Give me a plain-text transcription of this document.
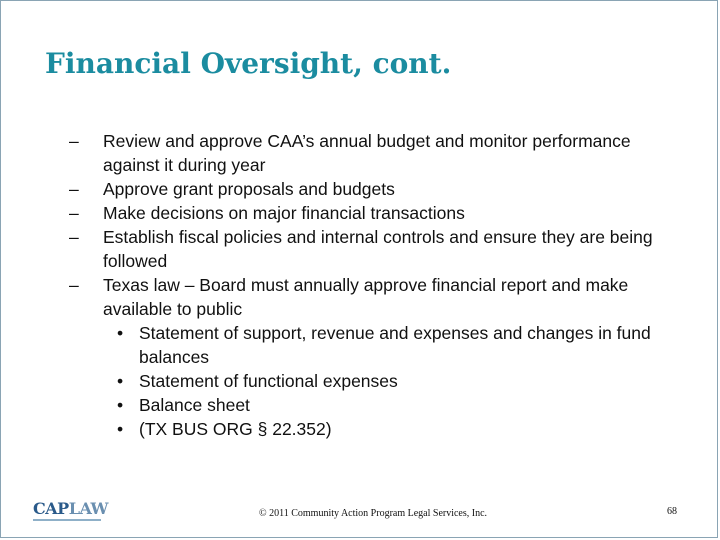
Financial Oversight, cont.

–	Review and approve CAA’s annual budget and monitor performance against it during year

–	Approve grant proposals and budgets

–	Make decisions on major financial transactions

–	Establish fiscal policies and internal controls and ensure they are being followed

–	Texas law – Board must annually approve financial report and make available to public

• Statement of support, revenue and expenses and changes in fund balances

• Statement of functional expenses

• Balance sheet

• (TX BUS ORG § 22.352)

CAPLAW	© 2011 Community Action Program Legal Services, Inc.	68
